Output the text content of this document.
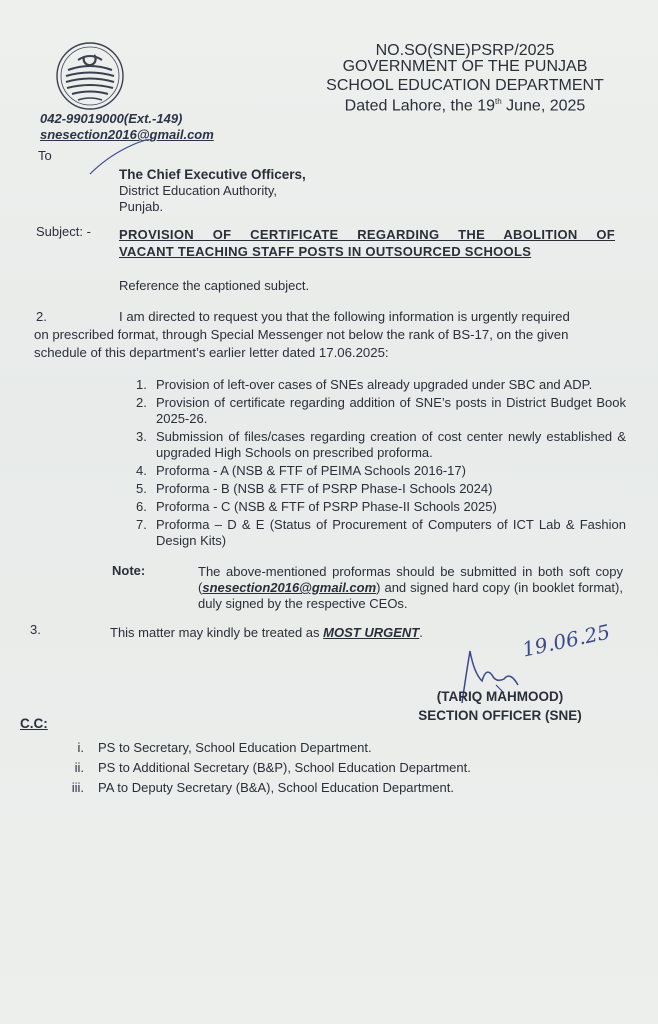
NO.SO(SNE)PSRP/2025
GOVERNMENT OF THE PUNJAB
SCHOOL EDUCATION DEPARTMENT
Dated Lahore, the 19th June, 2025
042-99019000(Ext.-149)
snesection2016@gmail.com
To
The Chief Executive Officers,
District Education Authority,
Punjab.
Subject: - PROVISION OF CERTIFICATE REGARDING THE ABOLITION OF
VACANT TEACHING STAFF POSTS IN OUTSOURCED SCHOOLS
Reference the captioned subject.
2.	I am directed to request you that the following information is urgently required
on prescribed format, through Special Messenger not below the rank of BS-17, on the given
schedule of this department’s earlier letter dated 17.06.2025:
1. Provision of left-over cases of SNEs already upgraded under SBC and ADP.
2. Provision of certificate regarding addition of SNE’s posts in District Budget Book 2025-26.
3. Submission of files/cases regarding creation of cost center newly established & upgraded High Schools on prescribed proforma.
4. Proforma - A (NSB & FTF of PEIMA Schools 2016-17)
5. Proforma - B (NSB & FTF of PSRP Phase-I Schools 2024)
6. Proforma - C (NSB & FTF of PSRP Phase-II Schools 2025)
7. Proforma – D & E (Status of Procurement of Computers of ICT Lab & Fashion Design Kits)
Note:	The above-mentioned proformas should be submitted in both soft copy (snesection2016@gmail.com) and signed hard copy (in booklet format), duly signed by the respective CEOs.
3.	This matter may kindly be treated as MOST URGENT.	19.06.25
(TARIQ MAHMOOD)
SECTION OFFICER (SNE)
C.C:
i. PS to Secretary, School Education Department.
ii. PS to Additional Secretary (B&P), School Education Department.
iii. PA to Deputy Secretary (B&A), School Education Department.
